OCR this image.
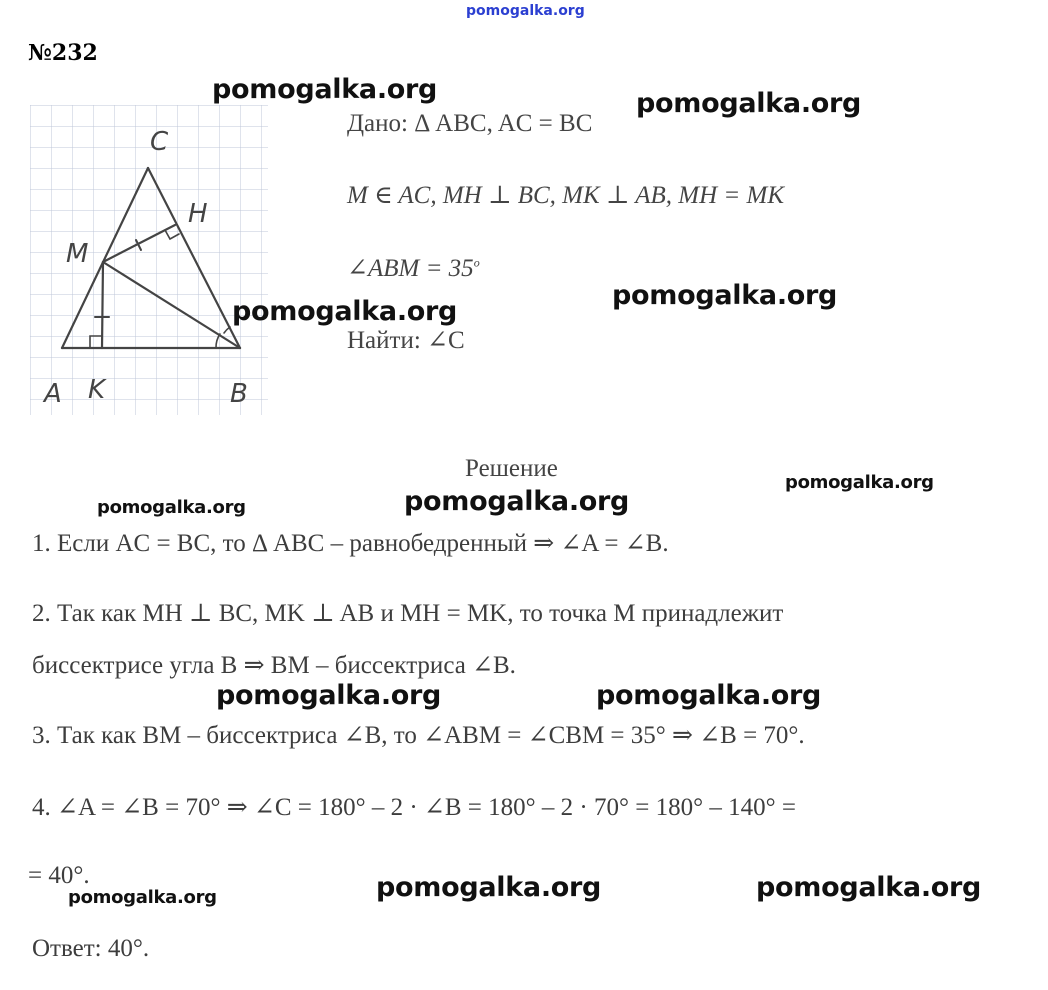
pomogalka.org
№232
C
H
M
A K	B
Дано: Δ ABC, AC = BC
M ∈ AC, MH ⊥ BC, MK ⊥ AB, MH = MK
∠ABM = $35^o$
Найти: ∠C
Решение
1. Если AC = BC, то Δ ABC – равнобедренный ⇒ ∠A = ∠B.
2. Так как MH ⊥ BC, MK ⊥ AB и MH = MK, то точка M принадлежит
биссектрисе угла B ⇒ BM – биссектриса ∠B.
3. Так как BM – биссектриса ∠B, то ∠ABM = ∠CBM = 35° ⇒ ∠B = 70°.
4. ∠A = ∠B = 70° ⇒ ∠C = 180° – 2 · ∠B = 180° – 2 · 70° = 180° – 140° =
= 40°.
Ответ: 40°.
pomogalka.org	pomogalka.org
pomogalka.org
pomogalka.org
pomogalka.org
pomogalka.org	pomogalka.org
pomogalka.org	pomogalka.org
pomogalka.org	pomogalka.org
pomogalka.org
